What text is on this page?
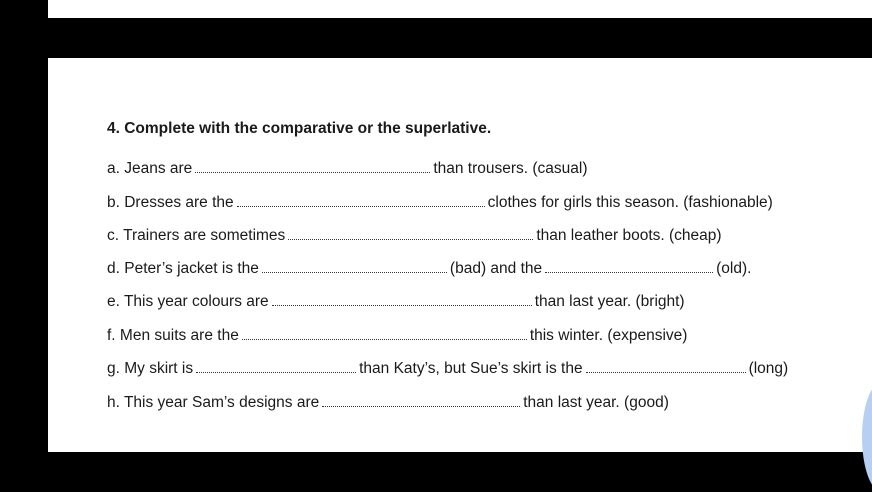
4. Complete with the comparative or the superlative.
a. Jeans are	than trousers. (casual)
b. Dresses are the	clothes for girls this season. (fashionable)
c. Trainers are sometimes	than leather boots. (cheap)
d. Peter’s jacket is the	(bad) and the	(old).
e. This year colours are	than last year. (bright)
f. Men suits are the	this winter. (expensive)
g. My skirt is	than Katy’s, but Sue’s skirt is the	(long)
h. This year Sam’s designs are	than last year. (good)
